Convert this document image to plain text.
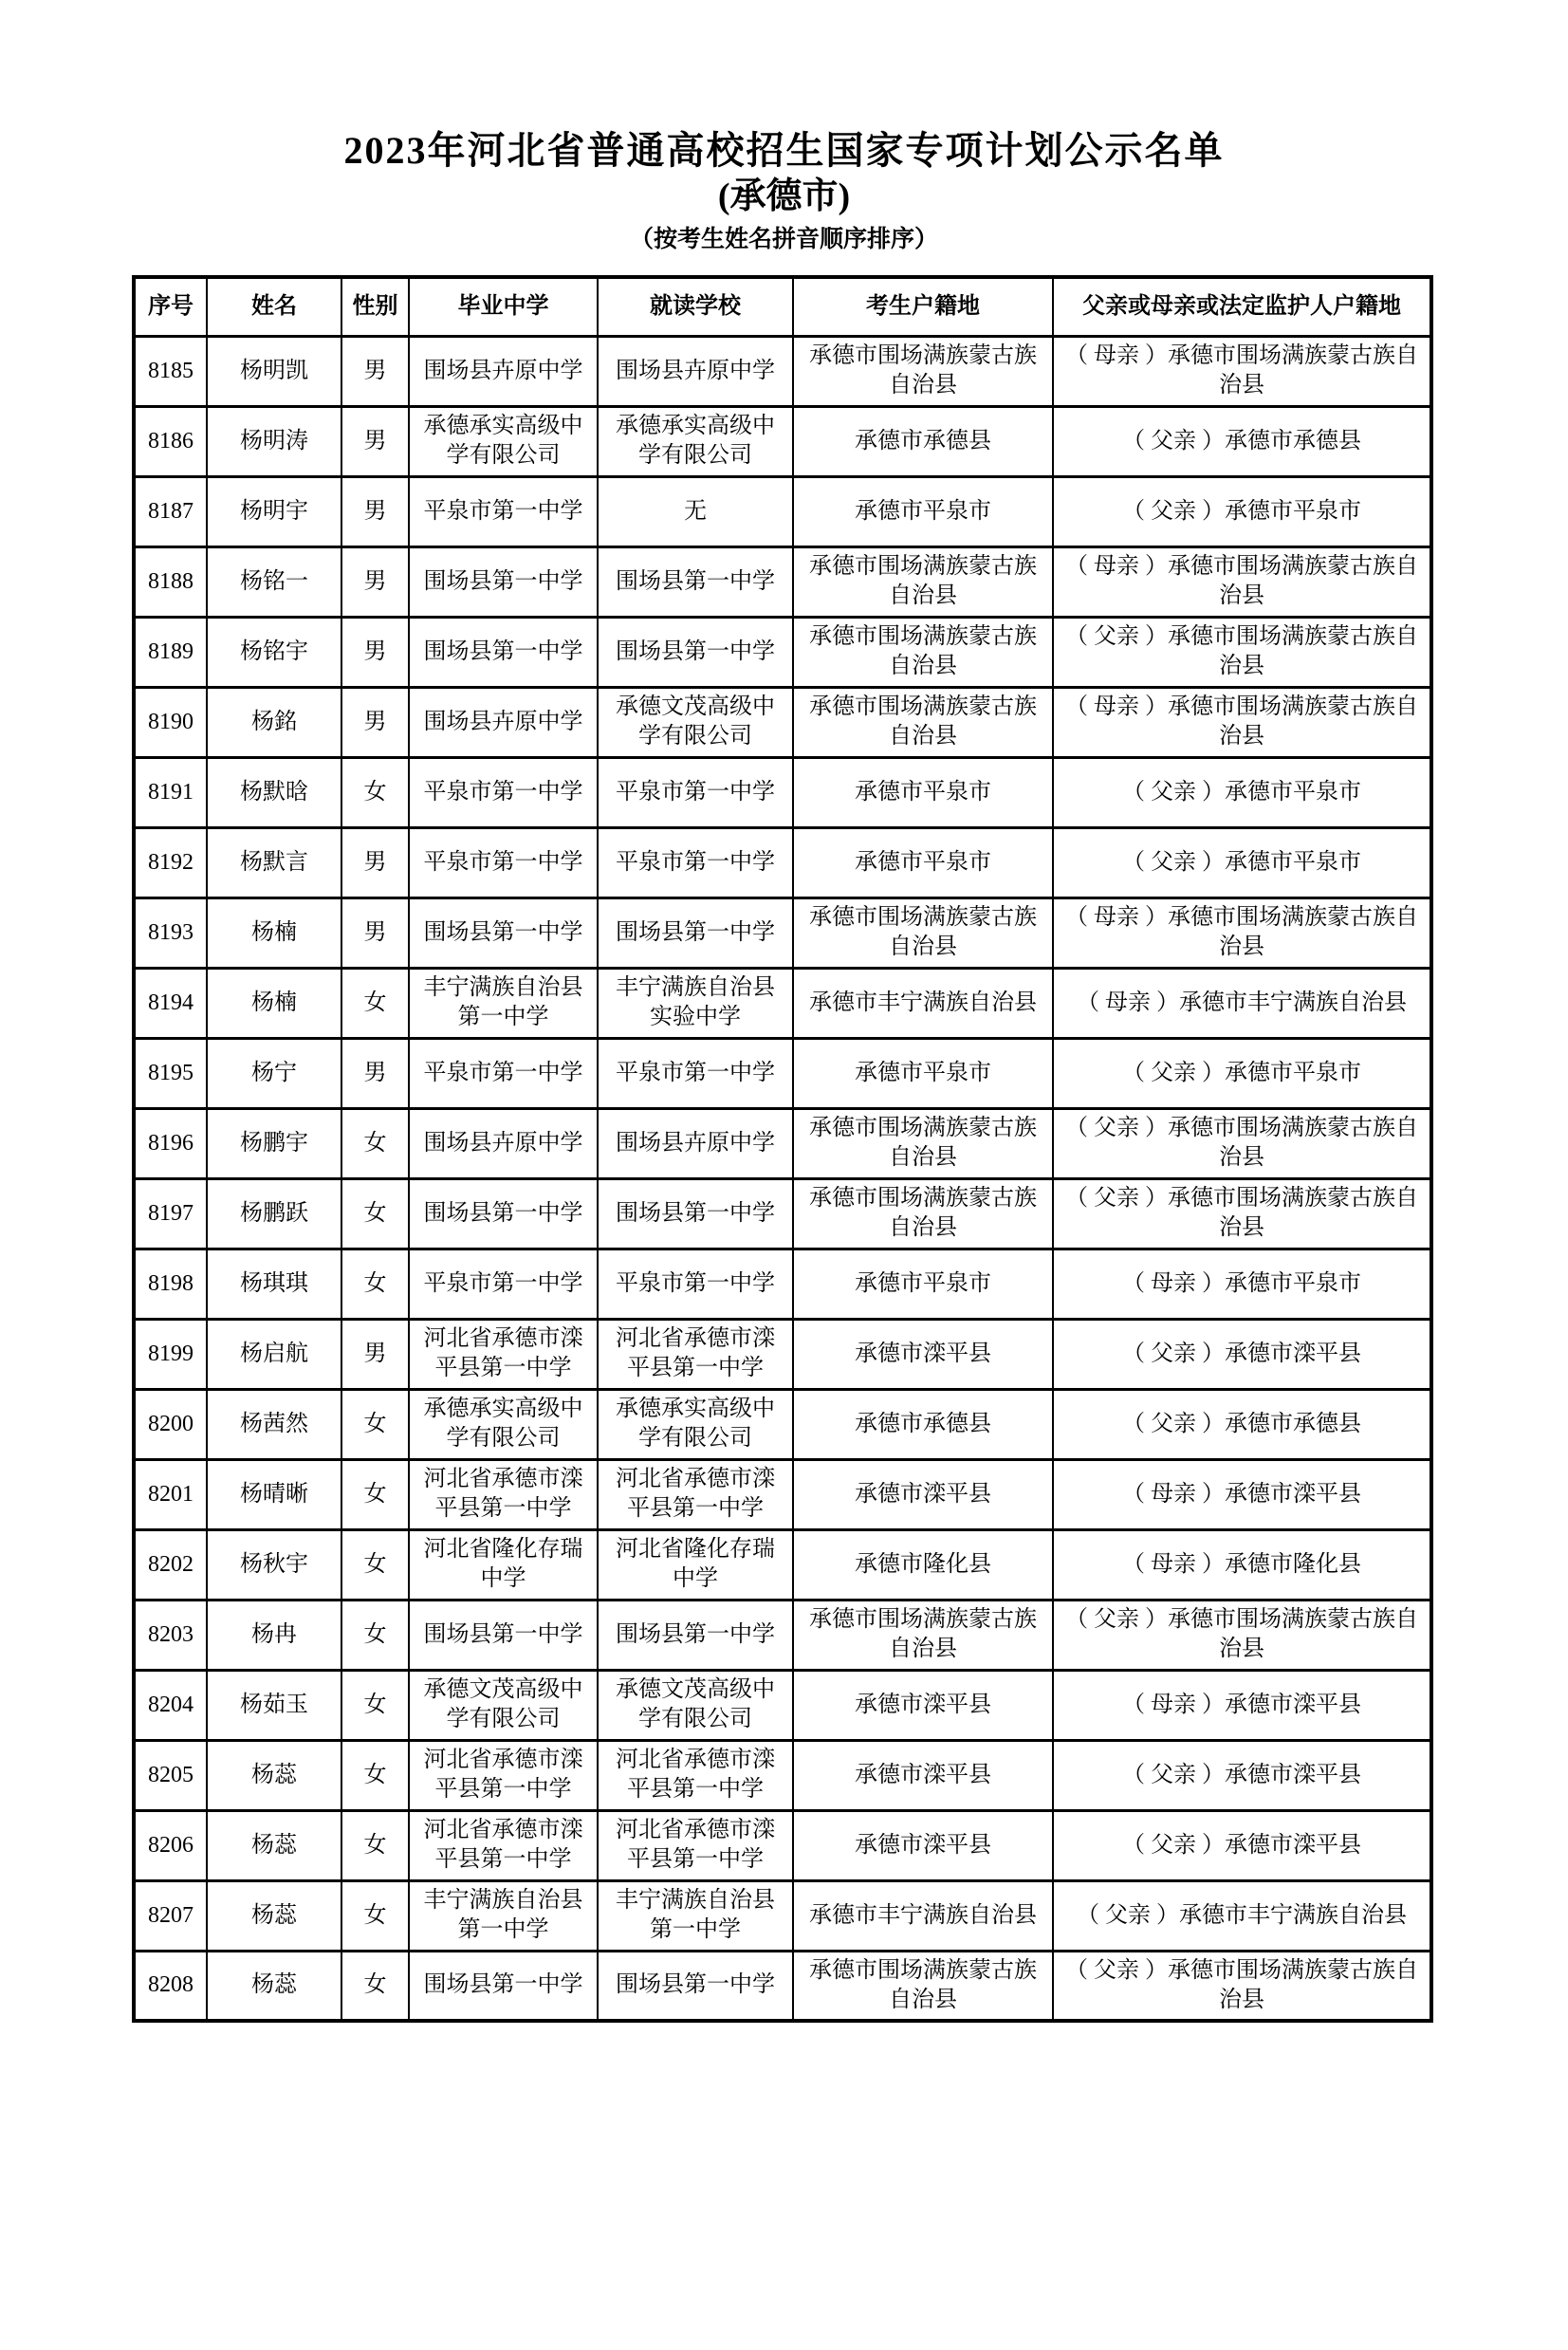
2023年河北省普通高校招生国家专项计划公示名单
(承德市)
（按考生姓名拼音顺序排序）
序号	姓名	性别	毕业中学	就读学校	考生户籍地	父亲或母亲或法定监护人户籍地
8185	杨明凯	男	围场县卉原中学	围场县卉原中学	承德市围场满族蒙古族自治县	（ 母亲 ）承德市围场满族蒙古族自治县
8186	杨明涛	男	承德承实高级中学有限公司	承德承实高级中学有限公司	承德市承德县	（ 父亲 ）承德市承德县
8187	杨明宇	男	平泉市第一中学	无	承德市平泉市	（ 父亲 ）承德市平泉市
8188	杨铭一	男	围场县第一中学	围场县第一中学	承德市围场满族蒙古族自治县	（ 母亲 ）承德市围场满族蒙古族自治县
8189	杨铭宇	男	围场县第一中学	围场县第一中学	承德市围场满族蒙古族自治县	（ 父亲 ）承德市围场满族蒙古族自治县
8190	杨銘	男	围场县卉原中学	承德文茂高级中学有限公司	承德市围场满族蒙古族自治县	（ 母亲 ）承德市围场满族蒙古族自治县
8191	杨默晗	女	平泉市第一中学	平泉市第一中学	承德市平泉市	（ 父亲 ）承德市平泉市
8192	杨默言	男	平泉市第一中学	平泉市第一中学	承德市平泉市	（ 父亲 ）承德市平泉市
8193	杨楠	男	围场县第一中学	围场县第一中学	承德市围场满族蒙古族自治县	（ 母亲 ）承德市围场满族蒙古族自治县
8194	杨楠	女	丰宁满族自治县第一中学	丰宁满族自治县实验中学	承德市丰宁满族自治县	（ 母亲 ）承德市丰宁满族自治县
8195	杨宁	男	平泉市第一中学	平泉市第一中学	承德市平泉市	（ 父亲 ）承德市平泉市
8196	杨鹏宇	女	围场县卉原中学	围场县卉原中学	承德市围场满族蒙古族自治县	（ 父亲 ）承德市围场满族蒙古族自治县
8197	杨鹏跃	女	围场县第一中学	围场县第一中学	承德市围场满族蒙古族自治县	（ 父亲 ）承德市围场满族蒙古族自治县
8198	杨琪琪	女	平泉市第一中学	平泉市第一中学	承德市平泉市	（ 母亲 ）承德市平泉市
8199	杨启航	男	河北省承德市滦平县第一中学	河北省承德市滦平县第一中学	承德市滦平县	（ 父亲 ）承德市滦平县
8200	杨茜然	女	承德承实高级中学有限公司	承德承实高级中学有限公司	承德市承德县	（ 父亲 ）承德市承德县
8201	杨晴晰	女	河北省承德市滦平县第一中学	河北省承德市滦平县第一中学	承德市滦平县	（ 母亲 ）承德市滦平县
8202	杨秋宇	女	河北省隆化存瑞中学	河北省隆化存瑞中学	承德市隆化县	（ 母亲 ）承德市隆化县
8203	杨冉	女	围场县第一中学	围场县第一中学	承德市围场满族蒙古族自治县	（ 父亲 ）承德市围场满族蒙古族自治县
8204	杨茹玉	女	承德文茂高级中学有限公司	承德文茂高级中学有限公司	承德市滦平县	（ 母亲 ）承德市滦平县
8205	杨蕊	女	河北省承德市滦平县第一中学	河北省承德市滦平县第一中学	承德市滦平县	（ 父亲 ）承德市滦平县
8206	杨蕊	女	河北省承德市滦平县第一中学	河北省承德市滦平县第一中学	承德市滦平县	（ 父亲 ）承德市滦平县
8207	杨蕊	女	丰宁满族自治县第一中学	丰宁满族自治县第一中学	承德市丰宁满族自治县	（ 父亲 ）承德市丰宁满族自治县
8208	杨蕊	女	围场县第一中学	围场县第一中学	承德市围场满族蒙古族自治县	（ 父亲 ）承德市围场满族蒙古族自治县
